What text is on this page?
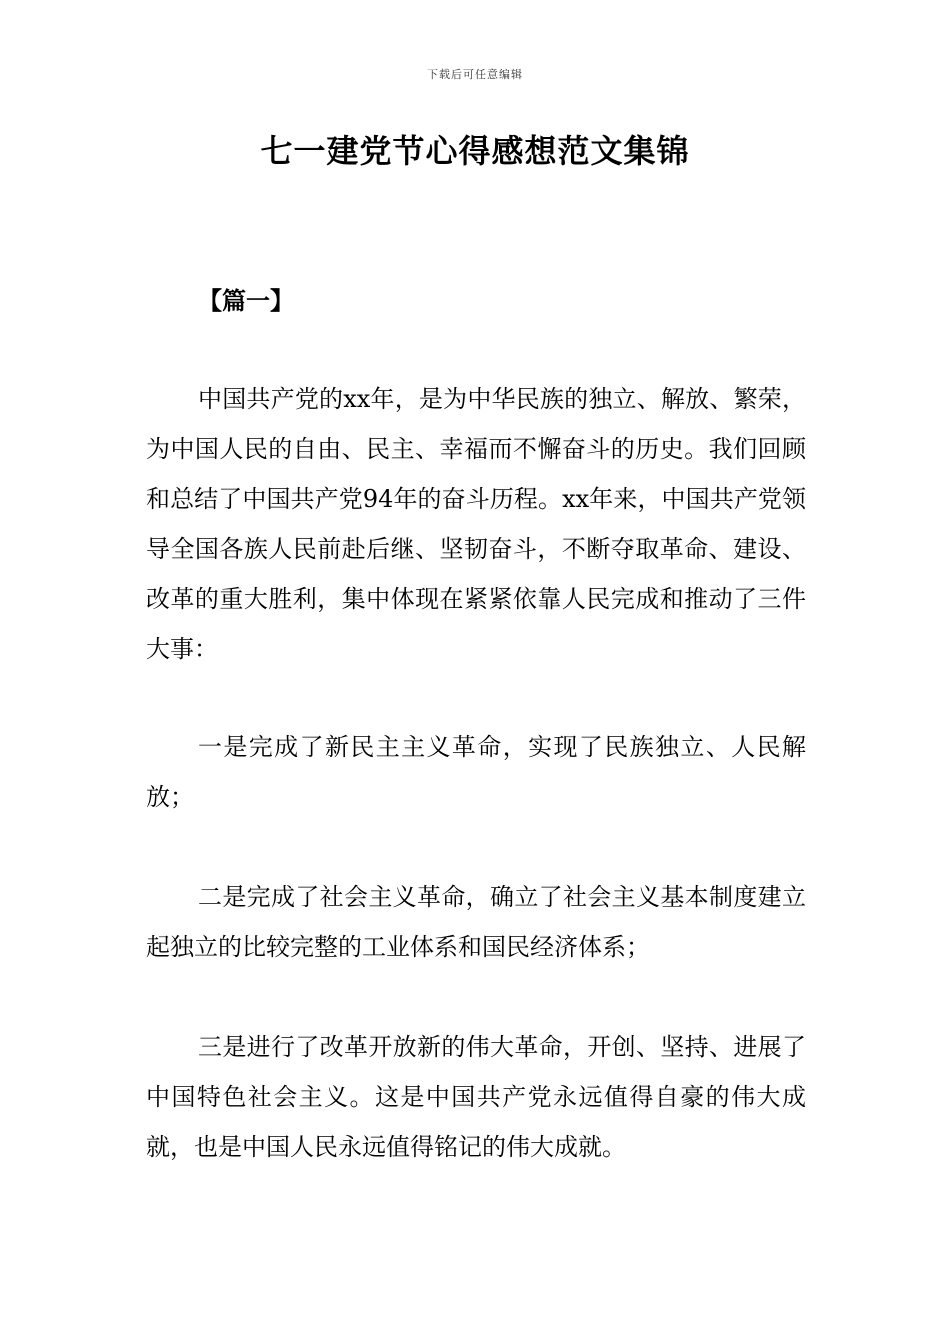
下载后可任意编辑
七一建党节心得感想范文集锦
【篇一】

中国共产党的xx年，是为中华民族的独立、解放、繁荣，为中国人民的自由、民主、幸福而不懈奋斗的历史。我们回顾和总结了中国共产党94年的奋斗历程。xx年来，中国共产党领导全国各族人民前赴后继、坚韧奋斗，不断夺取革命、建设、改革的重大胜利，集中体现在紧紧依靠人民完成和推动了三件大事：

一是完成了新民主主义革命，实现了民族独立、人民解放；

二是完成了社会主义革命，确立了社会主义基本制度建立起独立的比较完整的工业体系和国民经济体系；

三是进行了改革开放新的伟大革命，开创、坚持、进展了中国特色社会主义。这是中国共产党永远值得自豪的伟大成就，也是中国人民永远值得铭记的伟大成就。
